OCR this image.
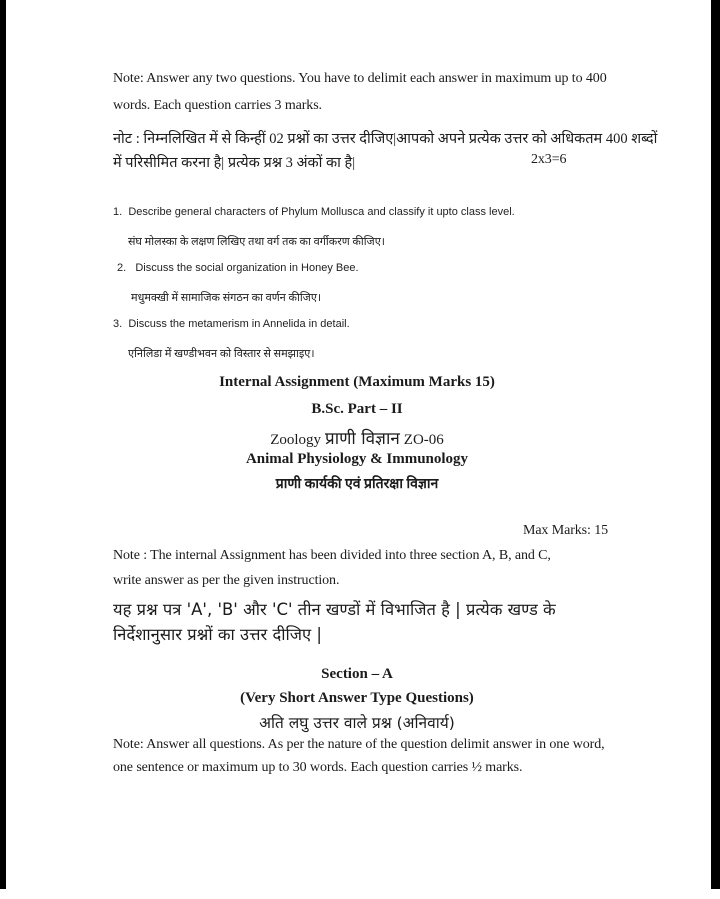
Note: Answer any two questions. You have to delimit each answer in maximum up to 400
words. Each question carries 3 marks.
नोट : निम्नलिखित में से किन्हीं 02 प्रश्नों का उत्तर दीजिए|आपको अपने प्रत्येक उत्तर को अधिकतम 400 शब्दों
में परिसीमित करना है| प्रत्येक प्रश्न 3 अंकों का है|	2x3=6
1. Describe general characters of Phylum Mollusca and classify it upto class level.
संघ मोलस्का के लक्षण लिखिए तथा वर्ग तक का वर्गीकरण कीजिए।
2. Discuss the social organization in Honey Bee.
मधुमक्खी में सामाजिक संगठन का वर्णन कीजिए।
3. Discuss the metamerism in Annelida in detail.
एनिलिडा में खण्डीभवन को विस्तार से समझाइए।
Internal Assignment (Maximum Marks 15)
B.Sc. Part – II
Zoology प्राणी विज्ञान ZO-06
Animal Physiology & Immunology
प्राणी कार्यकी एवं प्रतिरक्षा विज्ञान
Max Marks: 15
Note : The internal Assignment has been divided into three section A, B, and C,
write answer as per the given instruction.
यह प्रश्न पत्र 'A', 'B' और 'C' तीन खण्डों में विभाजित है | प्रत्येक खण्ड के
निर्देशानुसार प्रश्नों का उत्तर दीजिए |
Section – A
(Very Short Answer Type Questions)
अति लघु उत्तर वाले प्रश्न (अनिवार्य)
Note: Answer all questions. As per the nature of the question delimit answer in one word,
one sentence or maximum up to 30 words. Each question carries ½ marks.
